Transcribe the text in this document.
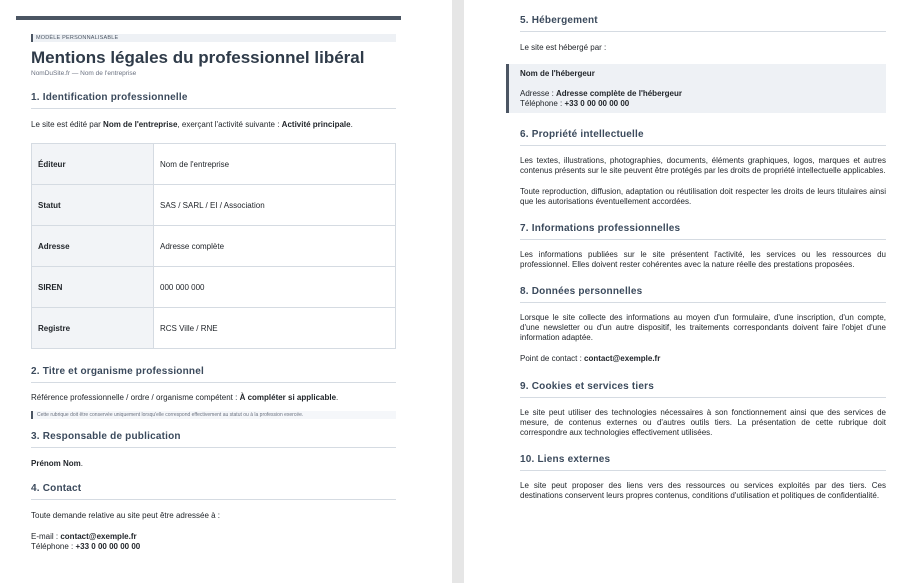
MODÈLE PERSONNALISABLE
Mentions légales du professionnel libéral
NomDuSite.fr — Nom de l'entreprise
1. Identification professionnelle
Le site est édité par Nom de l'entreprise, exerçant l'activité suivante : Activité principale.
Éditeur	Nom de l'entreprise
Statut	SAS / SARL / EI / Association
Adresse	Adresse complète
SIREN	000 000 000
Registre	RCS Ville / RNE
2. Titre et organisme professionnel
Référence professionnelle / ordre / organisme compétent : À compléter si applicable.
Cette rubrique doit être conservée uniquement lorsqu'elle correspond effectivement au statut ou à la profession exercée.
3. Responsable de publication
Prénom Nom.
4. Contact
Toute demande relative au site peut être adressée à :
E-mail : contact@exemple.fr
Téléphone : +33 0 00 00 00 00
5. Hébergement
Le site est hébergé par :
Nom de l'hébergeur
Adresse : Adresse complète de l'hébergeur
Téléphone : +33 0 00 00 00 00
6. Propriété intellectuelle
Les textes, illustrations, photographies, documents, éléments graphiques, logos, marques et autres contenus présents sur le site peuvent être protégés par les droits de propriété intellectuelle applicables.
Toute reproduction, diffusion, adaptation ou réutilisation doit respecter les droits de leurs titulaires ainsi que les autorisations éventuellement accordées.
7. Informations professionnelles
Les informations publiées sur le site présentent l'activité, les services ou les ressources du professionnel. Elles doivent rester cohérentes avec la nature réelle des prestations proposées.
8. Données personnelles
Lorsque le site collecte des informations au moyen d'un formulaire, d'une inscription, d'un compte, d'une newsletter ou d'un autre dispositif, les traitements correspondants doivent faire l'objet d'une information adaptée.
Point de contact : contact@exemple.fr
9. Cookies et services tiers
Le site peut utiliser des technologies nécessaires à son fonctionnement ainsi que des services de mesure, de contenus externes ou d'autres outils tiers. La présentation de cette rubrique doit correspondre aux technologies effectivement utilisées.
10. Liens externes
Le site peut proposer des liens vers des ressources ou services exploités par des tiers. Ces destinations conservent leurs propres contenus, conditions d'utilisation et politiques de confidentialité.
